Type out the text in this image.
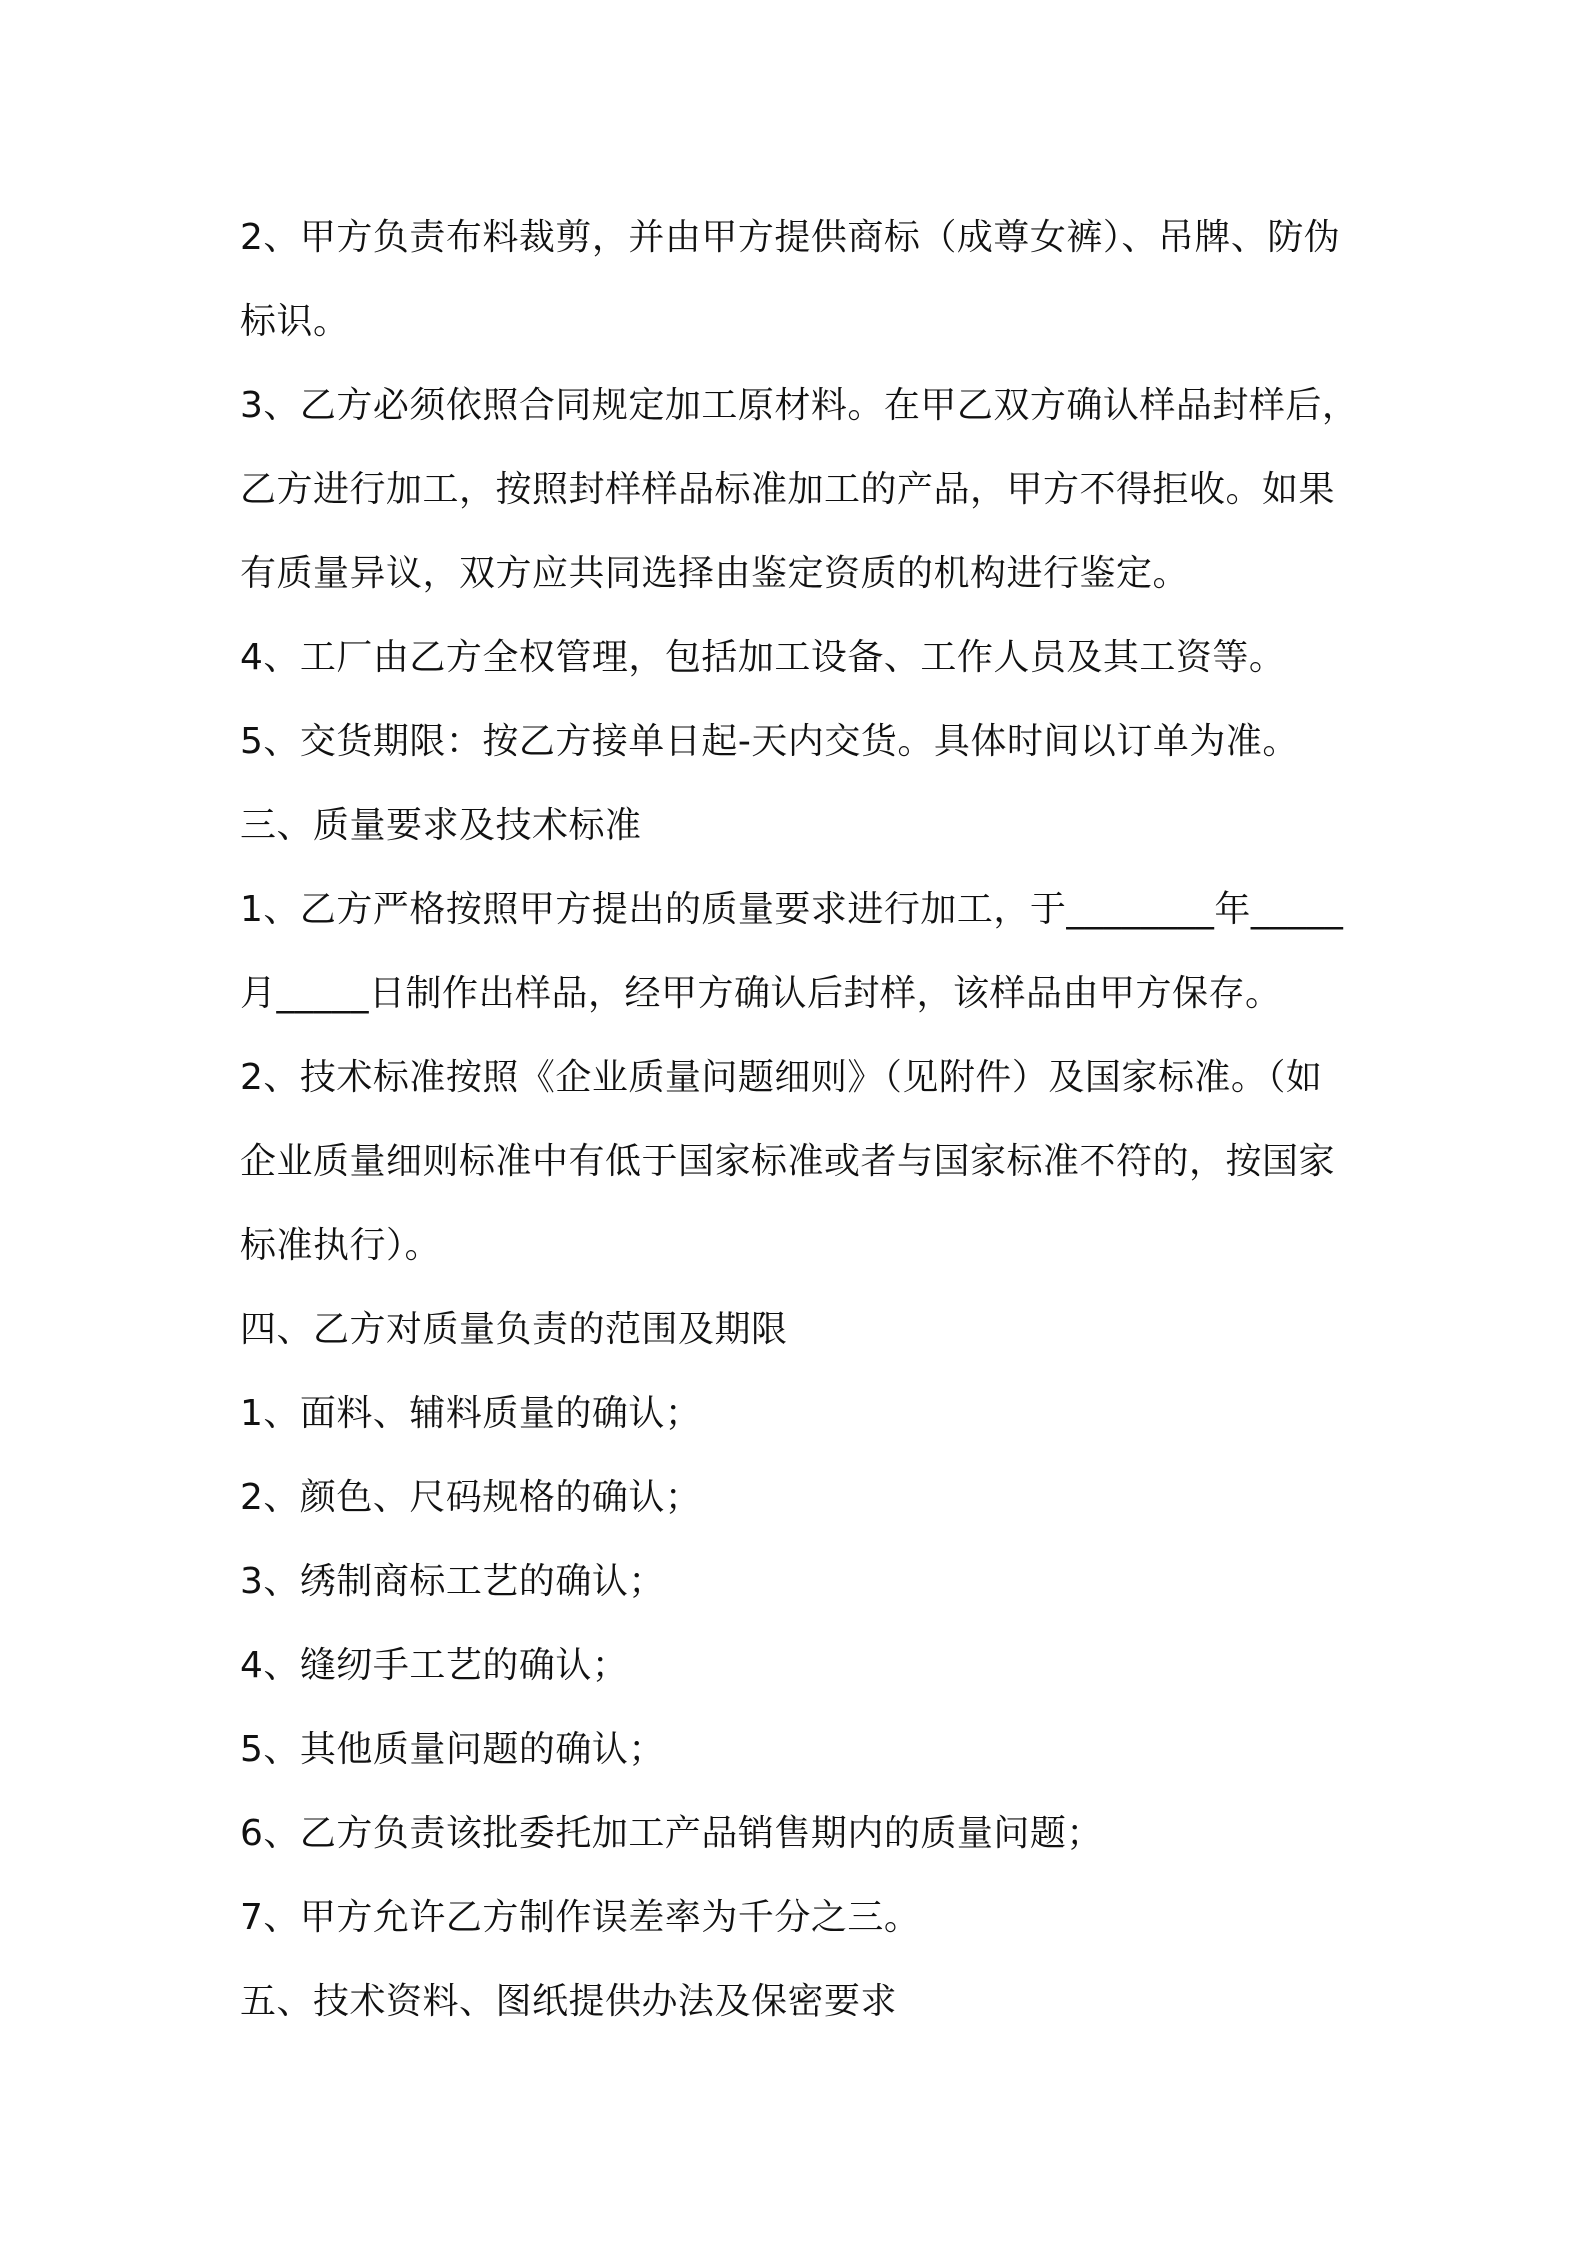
2、甲方负责布料裁剪，并由甲方提供商标（成尊女裤）、吊牌、防伪
标识。
3、乙方必须依照合同规定加工原材料。在甲乙双方确认样品封样后，
乙方进行加工，按照封样样品标准加工的产品，甲方不得拒收。如果
有质量异议，双方应共同选择由鉴定资质的机构进行鉴定。
4、工厂由乙方全权管理，包括加工设备、工作人员及其工资等。
5、交货期限：按乙方接单日起-天内交货。具体时间以订单为准。
三、质量要求及技术标准
1、乙方严格按照甲方提出的质量要求进行加工，于________年_____
月_____日制作出样品，经甲方确认后封样，该样品由甲方保存。
2、技术标准按照《企业质量问题细则》（见附件）及国家标准。（如
企业质量细则标准中有低于国家标准或者与国家标准不符的，按国家
标准执行）。
四、乙方对质量负责的范围及期限
1、面料、辅料质量的确认；
2、颜色、尺码规格的确认；
3、绣制商标工艺的确认；
4、缝纫手工艺的确认；
5、其他质量问题的确认；
6、乙方负责该批委托加工产品销售期内的质量问题；
7、甲方允许乙方制作误差率为千分之三。
五、技术资料、图纸提供办法及保密要求
